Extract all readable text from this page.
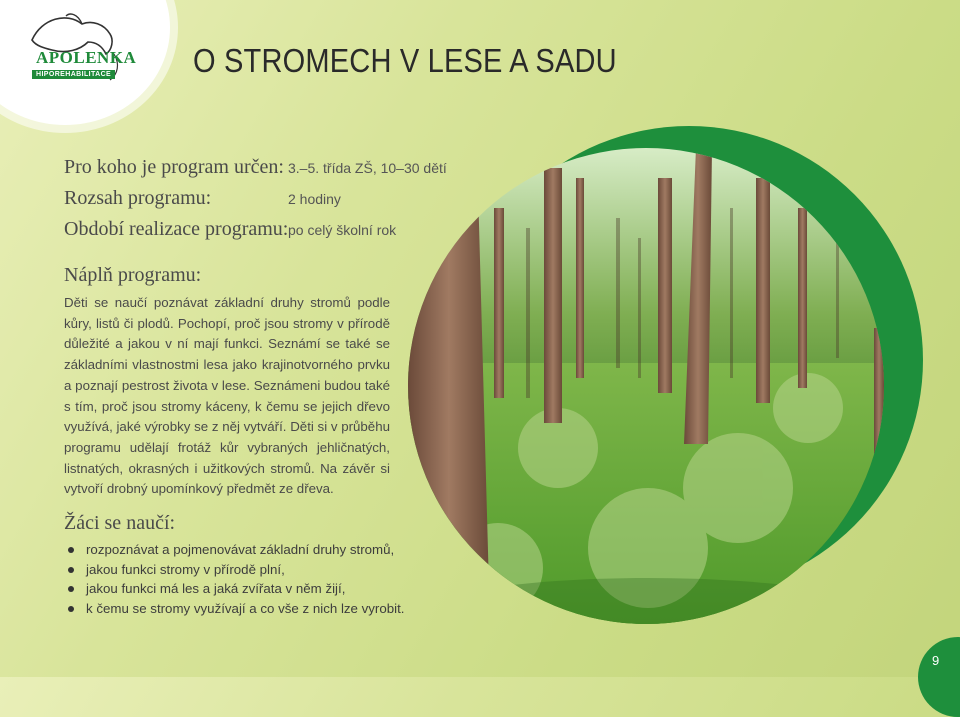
APOLENKA
HIPOREHABILITACE O STROMECH V LESE A SADU
Pro koho je program určen: 3.–5. třída ZŠ, 10–30 dětí
Rozsah programu:	2 hodiny
Období realizace programu: po celý školní rok
Náplň programu:
Děti se naučí poznávat základní druhy stromů podle kůry, listů či plodů. Pochopí, proč jsou stromy v přírodě důležité a jakou v ní mají funkci. Seznámí se také se základními vlastnostmi lesa jako krajinotvorného prvku a poznají pestrost života v lese. Seznámeni budou také s tím, proč jsou stromy káceny, k čemu se jejich dřevo využívá, jaké výrobky se z něj vytváří. Děti si v průběhu programu udělají frotáž kůr vybraných jehličnatých, listnatých, okrasných i užitkových stromů. Na závěr si vytvoří drobný upomínkový předmět ze dřeva.
Žáci se naučí:
rozpoznávat a pojmenovávat základní druhy stromů,
jakou funkci stromy v přírodě plní,
jakou funkci má les a jaká zvířata v něm žijí,
k čemu se stromy využívají a co vše z nich lze vyrobit.
9
